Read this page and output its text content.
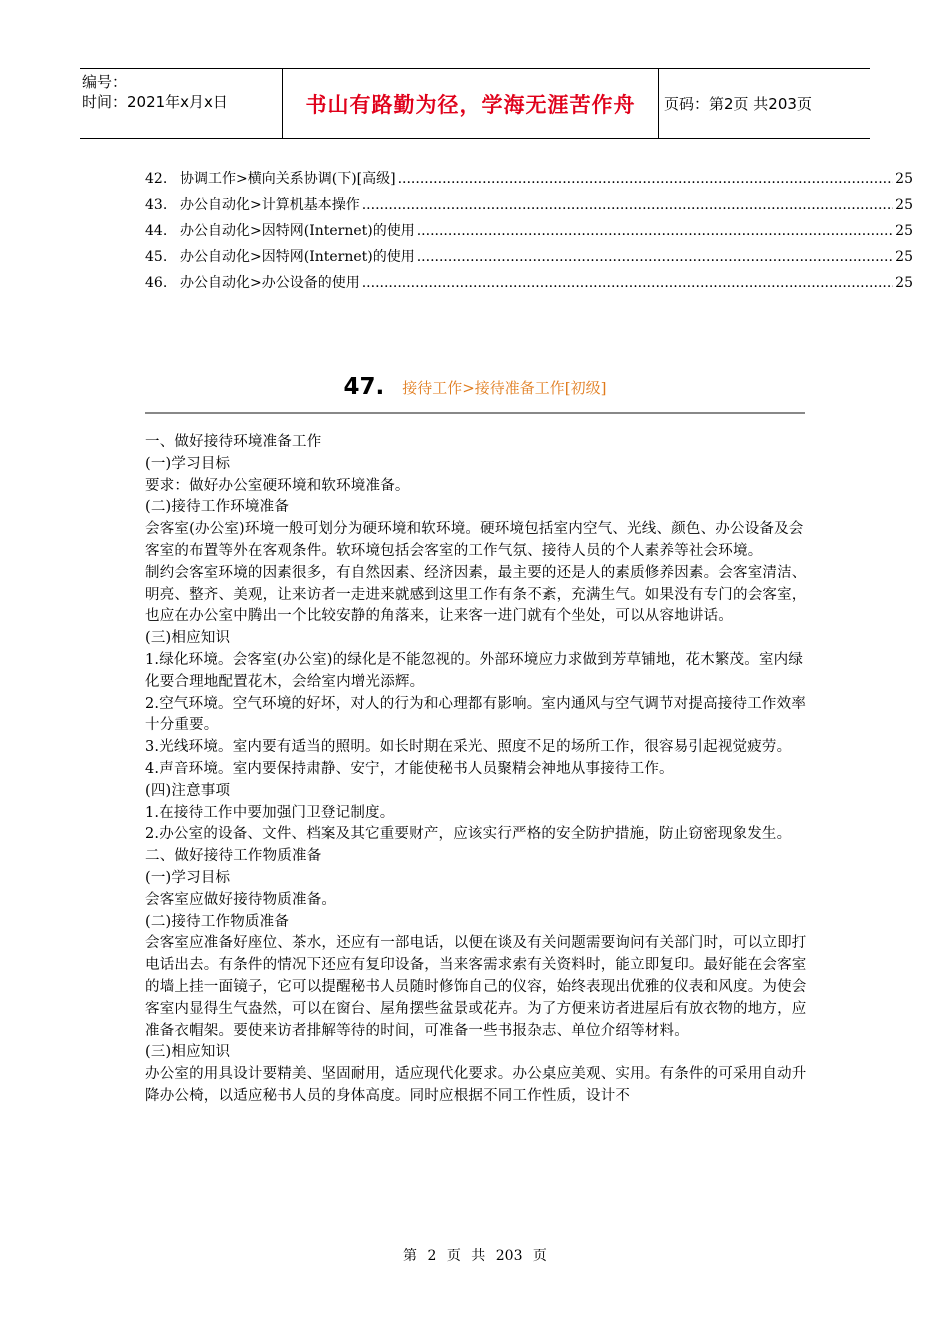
编号：
时间：2021年x月x日	书山有路勤为径，学海无涯苦作舟	页码：第2页 共203页
42. 协调工作>横向关系协调(下)[高级] .....	25
43. 办公自动化>计算机基本操作 .....	25
44. 办公自动化>因特网(Internet)的使用 .....	25
45. 办公自动化>因特网(Internet)的使用 .....	25
46. 办公自动化>办公设备的使用 .....	25
47. 接待工作>接待准备工作[初级]

一、做好接待环境准备工作

(一)学习目标

要求：做好办公室硬环境和软环境准备。

(二)接待工作环境准备

会客室(办公室)环境一般可划分为硬环境和软环境。硬环境包括室内空气、光线、颜色、办公设备及会客室的布置等外在客观条件。软环境包括会客室的工作气氛、接待人员的个人素养等社会环境。

制约会客室环境的因素很多，有自然因素、经济因素，最主要的还是人的素质修养因素。会客室清洁、明亮、整齐、美观，让来访者一走进来就感到这里工作有条不紊，充满生气。如果没有专门的会客室，也应在办公室中腾出一个比较安静的角落来，让来客一进门就有个坐处，可以从容地讲话。

(三)相应知识

1.绿化环境。会客室(办公室)的绿化是不能忽视的。外部环境应力求做到芳草铺地，花木繁茂。室内绿化要合理地配置花木，会给室内增光添辉。

2.空气环境。空气环境的好坏，对人的行为和心理都有影响。室内通风与空气调节对提高接待工作效率十分重要。

3.光线环境。室内要有适当的照明。如长时期在采光、照度不足的场所工作，很容易引起视觉疲劳。

4.声音环境。室内要保持肃静、安宁，才能使秘书人员聚精会神地从事接待工作。

(四)注意事项

1.在接待工作中要加强门卫登记制度。

2.办公室的设备、文件、档案及其它重要财产，应该实行严格的安全防护措施，防止窃密现象发生。

二、做好接待工作物质准备

(一)学习目标

会客室应做好接待物质准备。

(二)接待工作物质准备

会客室应准备好座位、茶水，还应有一部电话，以便在谈及有关问题需要询问有关部门时，可以立即打电话出去。有条件的情况下还应有复印设备，当来客需求索有关资料时，能立即复印。最好能在会客室的墙上挂一面镜子，它可以提醒秘书人员随时修饰自己的仪容，始终表现出优雅的仪表和风度。为使会客室内显得生气盎然，可以在窗台、屋角摆些盆景或花卉。为了方便来访者进屋后有放衣物的地方，应准备衣帽架。要使来访者排解等待的时间，可准备一些书报杂志、单位介绍等材料。

(三)相应知识

办公室的用具设计要精美、坚固耐用，适应现代化要求。办公桌应美观、实用。有条件的可采用自动升降办公椅，以适应秘书人员的身体高度。同时应根据不同工作性质，设计不

第 2 页 共 203 页
